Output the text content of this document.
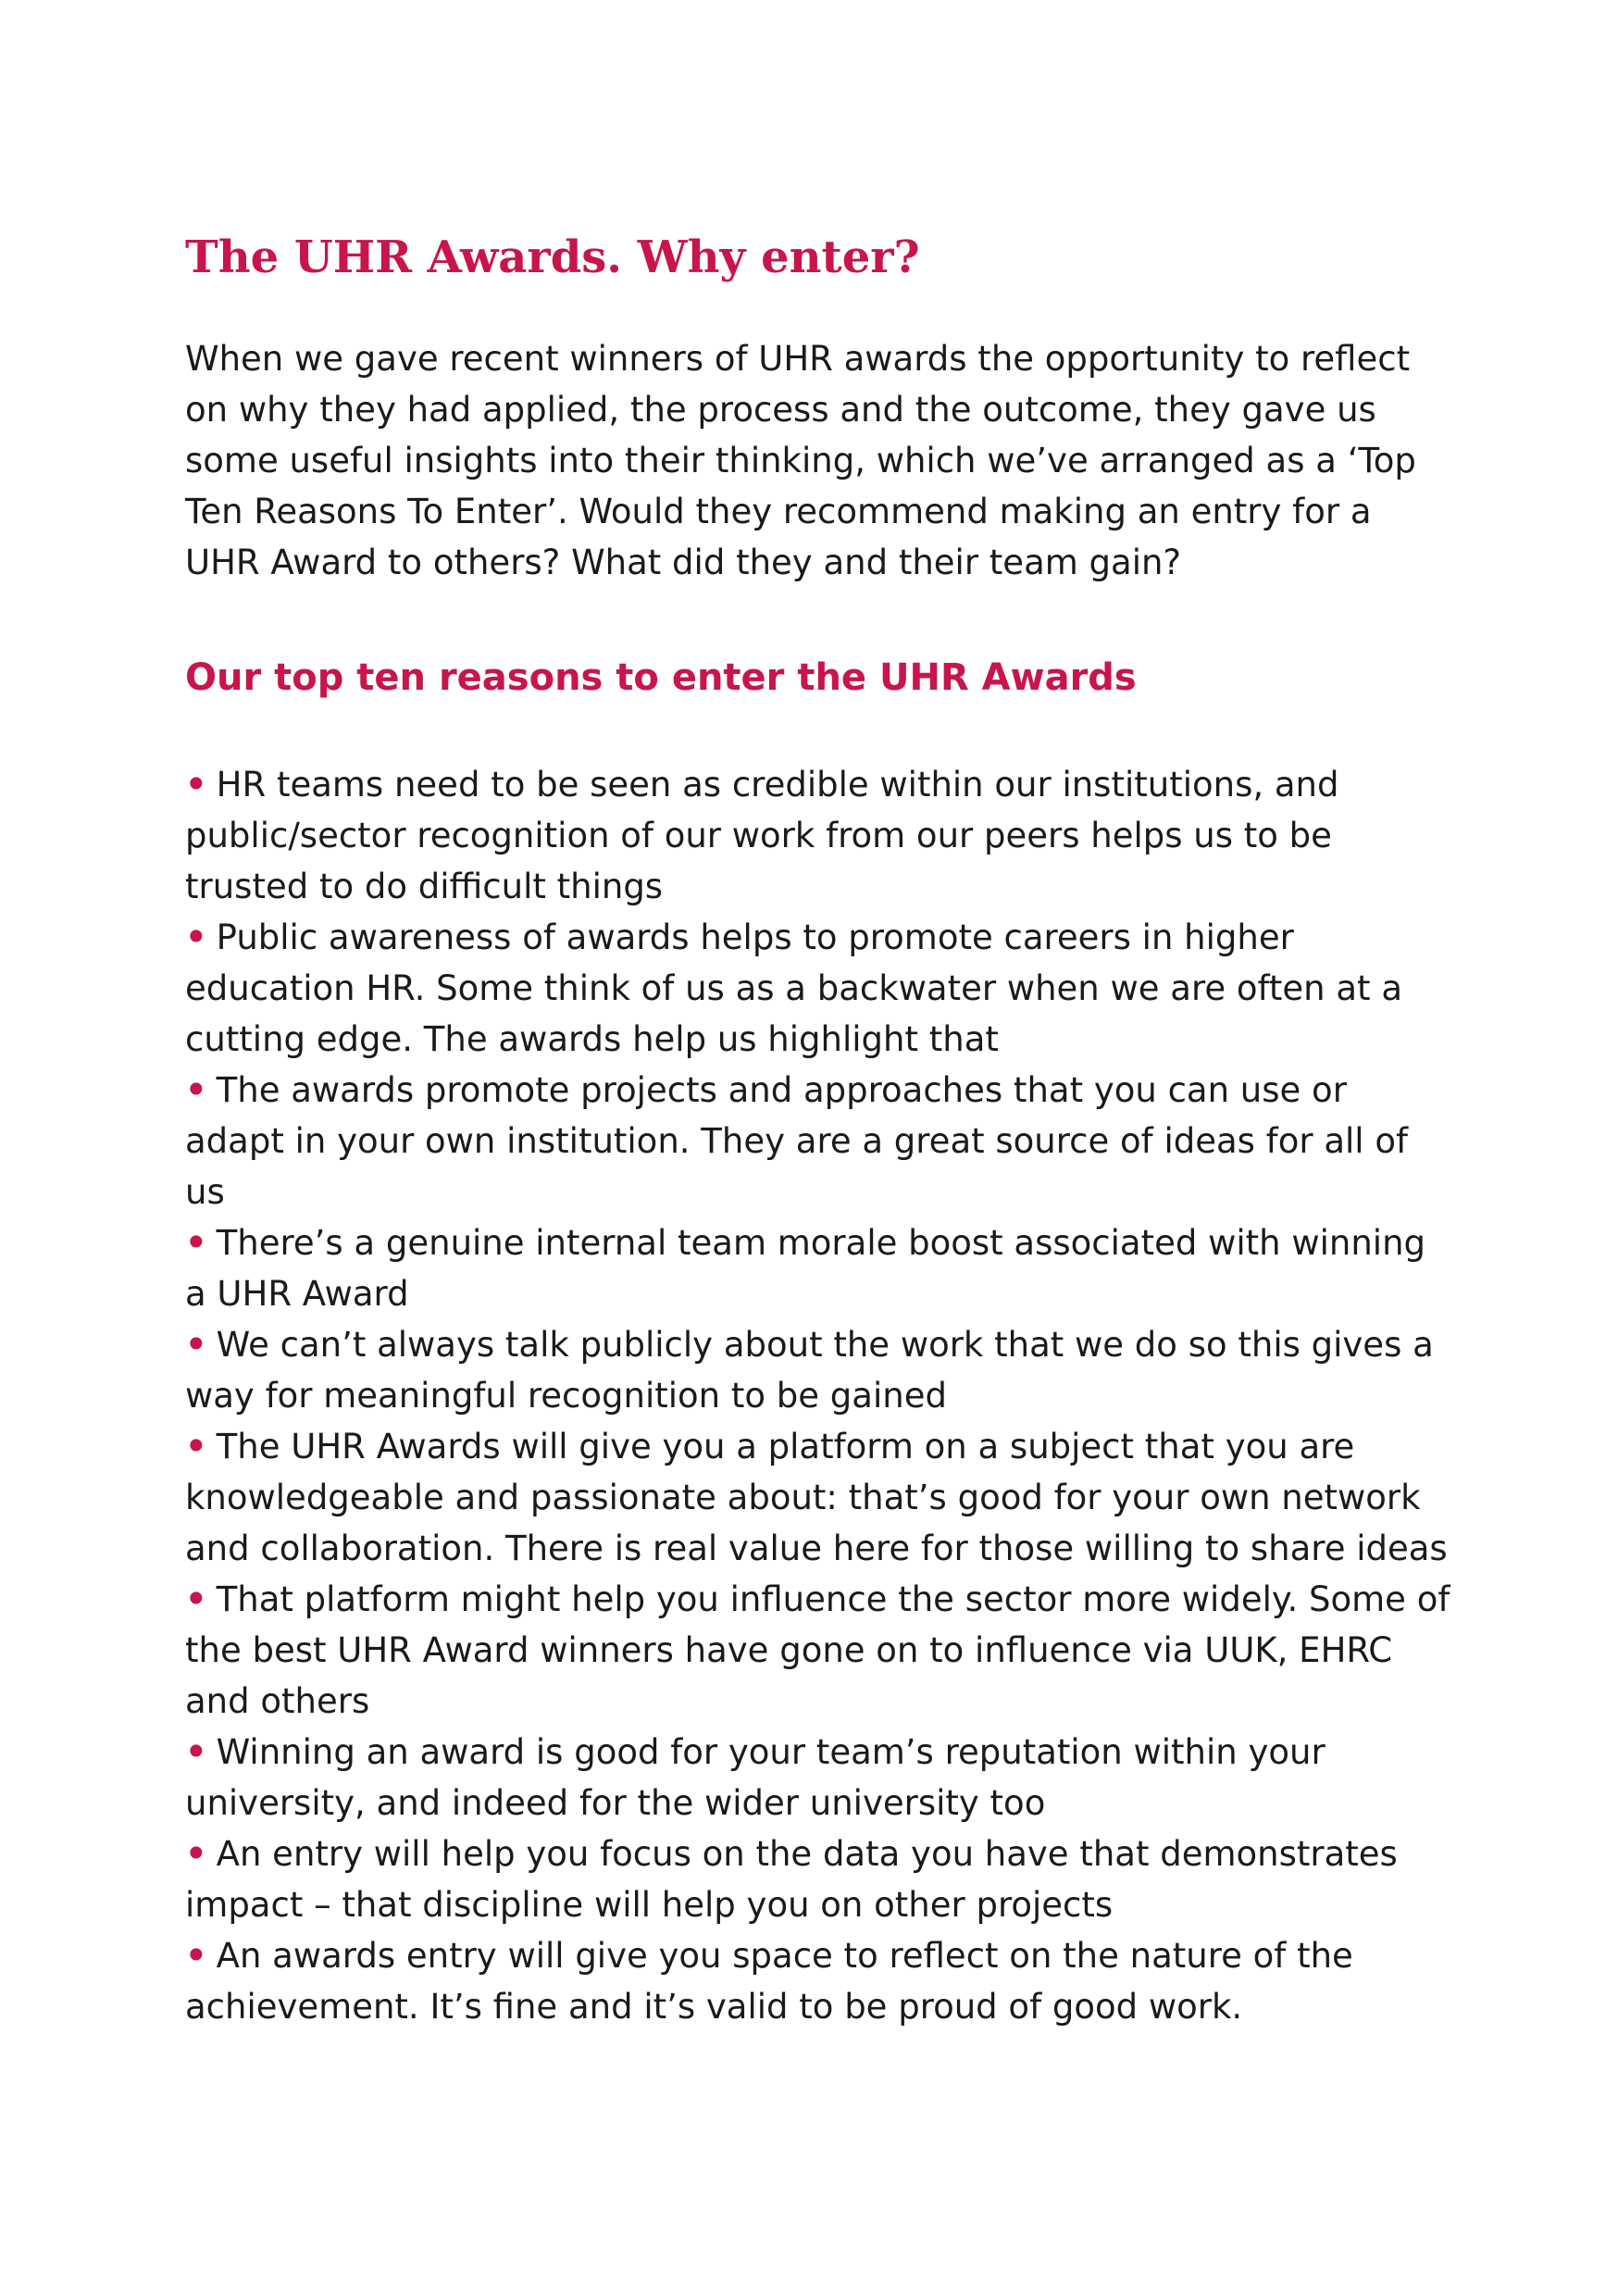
The UHR Awards. Why enter?

When we gave recent winners of UHR awards the opportunity to reflect on why they had applied, the process and the outcome, they gave us some useful insights into their thinking, which we’ve arranged as a ‘Top Ten Reasons To Enter’. Would they recommend making an entry for a UHR Award to others? What did they and their team gain?

Our top ten reasons to enter the UHR Awards
• HR teams need to be seen as credible within our institutions, and public/sector recognition of our work from our peers helps us to be trusted to do difficult things
• Public awareness of awards helps to promote careers in higher education HR. Some think of us as a backwater when we are often at a cutting edge. The awards help us highlight that
• The awards promote projects and approaches that you can use or adapt in your own institution. They are a great source of ideas for all of us
• There’s a genuine internal team morale boost associated with winning a UHR Award
• We can’t always talk publicly about the work that we do so this gives a way for meaningful recognition to be gained
• The UHR Awards will give you a platform on a subject that you are knowledgeable and passionate about: that’s good for your own network and collaboration. There is real value here for those willing to share ideas
• That platform might help you influence the sector more widely. Some of the best UHR Award winners have gone on to influence via UUK, EHRC and others
• Winning an award is good for your team’s reputation within your university, and indeed for the wider university too
• An entry will help you focus on the data you have that demonstrates impact – that discipline will help you on other projects
• An awards entry will give you space to reflect on the nature of the achievement. It’s fine and it’s valid to be proud of good work.
